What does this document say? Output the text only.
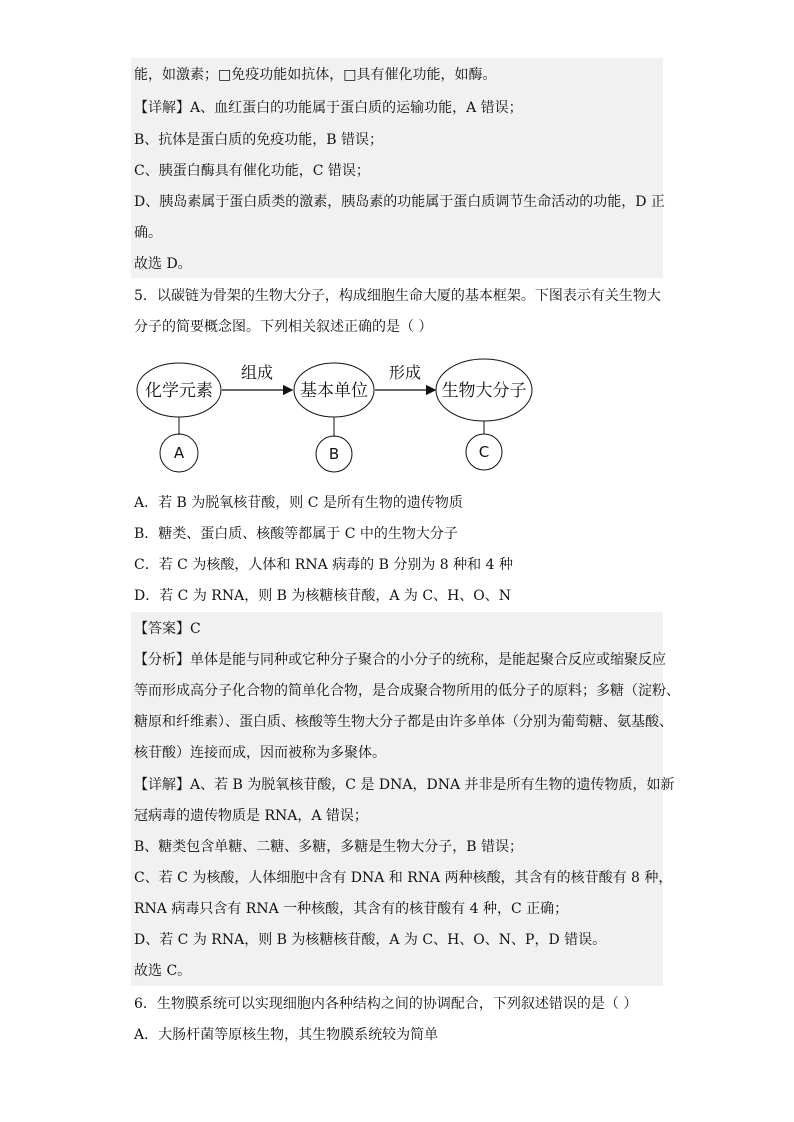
能，如激素；□免疫功能如抗体，□具有催化功能，如酶。
【详解】A、血红蛋白的功能属于蛋白质的运输功能，A 错误；
B、抗体是蛋白质的免疫功能，B 错误；
C、胰蛋白酶具有催化功能，C 错误；
D、胰岛素属于蛋白质类的激素，胰岛素的功能属于蛋白质调节生命活动的功能，D 正
确。
故选 D。
5．以碳链为骨架的生物大分子，构成细胞生命大厦的基本框架。下图表示有关生物大
分子的简要概念图。下列相关叙述正确的是（ ）
化学元素	基本单位	生物大分子
组成	形成
A	B	C
A．若 B 为脱氧核苷酸，则 C 是所有生物的遗传物质
B．糖类、蛋白质、核酸等都属于 C 中的生物大分子
C．若 C 为核酸，人体和 RNA 病毒的 B 分别为 8 种和 4 种
D．若 C 为 RNA，则 B 为核糖核苷酸，A 为 C、H、O、N
【答案】C
【分析】单体是能与同种或它种分子聚合的小分子的统称，是能起聚合反应或缩聚反应
等而形成高分子化合物的简单化合物，是合成聚合物所用的低分子的原料；多糖（淀粉、
糖原和纤维素）、蛋白质、核酸等生物大分子都是由许多单体（分别为葡萄糖、氨基酸、
核苷酸）连接而成，因而被称为多聚体。
【详解】A、若 B 为脱氧核苷酸，C 是 DNA，DNA 并非是所有生物的遗传物质，如新
冠病毒的遗传物质是 RNA，A 错误；
B、糖类包含单糖、二糖、多糖，多糖是生物大分子，B 错误；
C、若 C 为核酸，人体细胞中含有 DNA 和 RNA 两种核酸，其含有的核苷酸有 8 种，
RNA 病毒只含有 RNA 一种核酸，其含有的核苷酸有 4 种，C 正确；
D、若 C 为 RNA，则 B 为核糖核苷酸，A 为 C、H、O、N、P，D 错误。
故选 C。
6．生物膜系统可以实现细胞内各种结构之间的协调配合，下列叙述错误的是（ ）
A．大肠杆菌等原核生物，其生物膜系统较为简单
